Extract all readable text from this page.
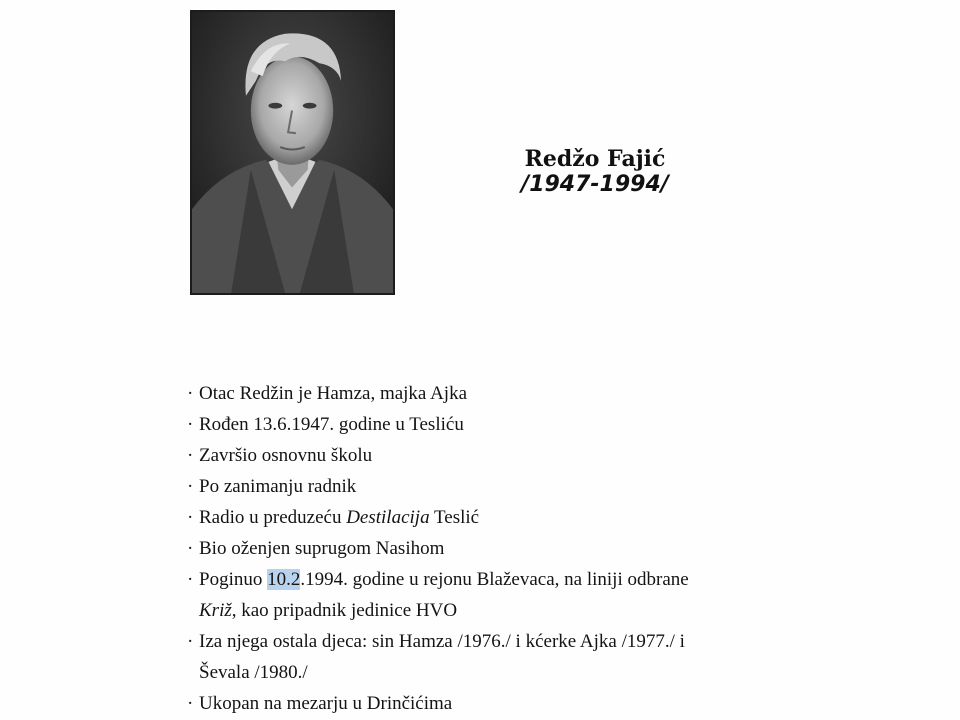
Redžo Fajić
/1947-1994/
· Otac Redžin je Hamza, majka Ajka
· Rođen 13.6.1947. godine u Tesliću
· Završio osnovnu školu
· Po zanimanju radnik
· Radio u preduzeću Destilacija Teslić
· Bio oženjen suprugom Nasihom
· Poginuo 10.2.1994. godine u rejonu Blaževaca, na liniji odbrane
Križ, kao pripadnik jedinice HVO
· Iza njega ostala djeca: sin Hamza /1976./ i kćerke Ajka /1977./ i
Ševala /1980./
· Ukopan na mezarju u Drinčićima
